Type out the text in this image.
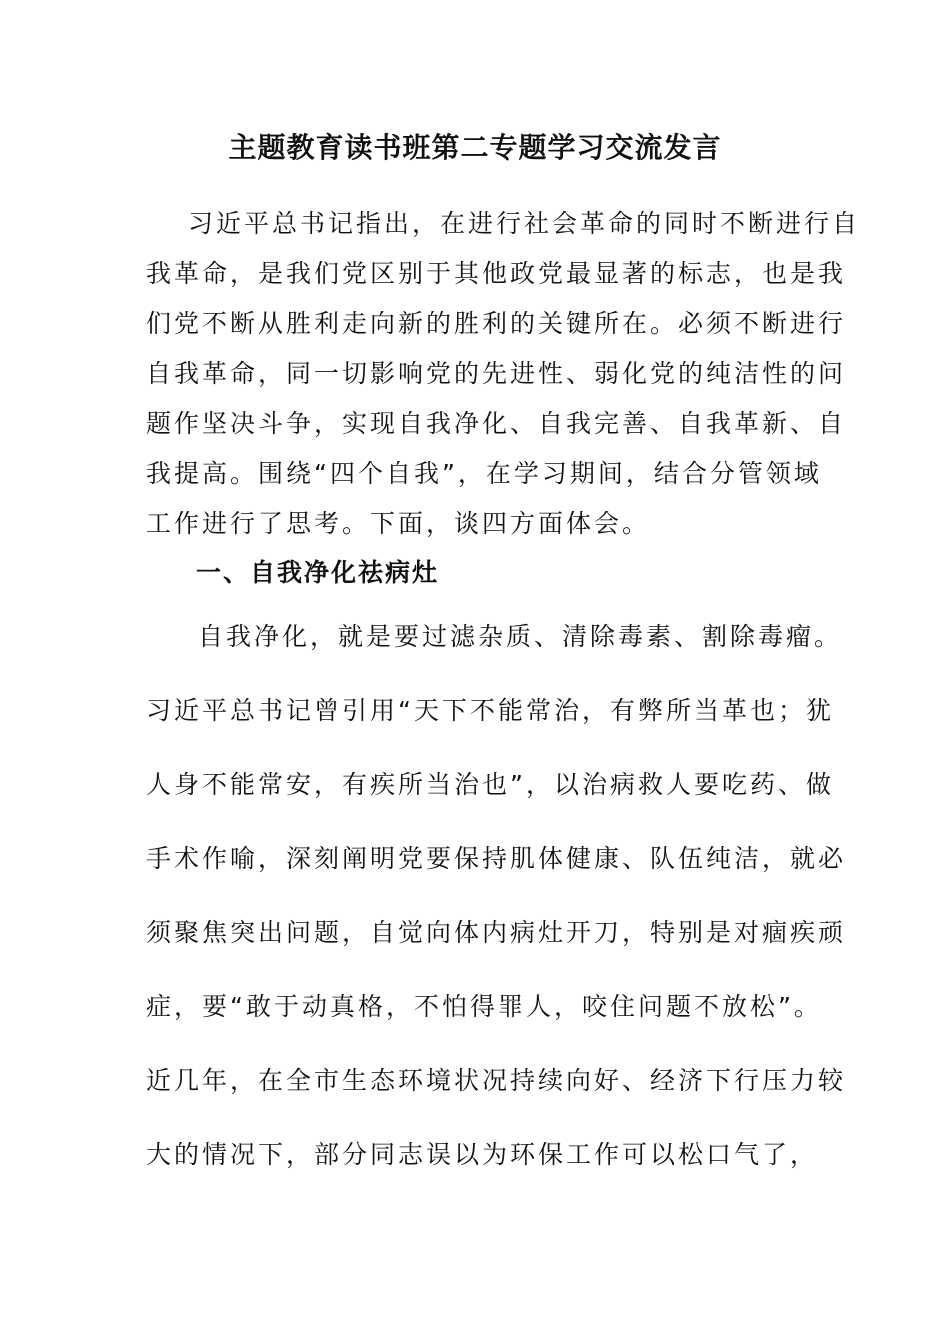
主题教育读书班第二专题学习交流发言
习近平总书记指出，在进行社会革命的同时不断进行自
我革命，是我们党区别于其他政党最显著的标志，也是我
们党不断从胜利走向新的胜利的关键所在。必须不断进行
自我革命，同一切影响党的先进性、弱化党的纯洁性的问
题作坚决斗争，实现自我净化、自我完善、自我革新、自
我提高。围绕“四个自我”，在学习期间，结合分管领域
工作进行了思考。下面，谈四方面体会。
一、自我净化祛病灶
自我净化，就是要过滤杂质、清除毒素、割除毒瘤。
习近平总书记曾引用“天下不能常治，有弊所当革也；犹
人身不能常安，有疾所当治也”，以治病救人要吃药、做
手术作喻，深刻阐明党要保持肌体健康、队伍纯洁，就必
须聚焦突出问题，自觉向体内病灶开刀，特别是对痼疾顽
症，要“敢于动真格，不怕得罪人，咬住问题不放松”。
近几年，在全市生态环境状况持续向好、经济下行压力较
大的情况下，部分同志误以为环保工作可以松口气了，
